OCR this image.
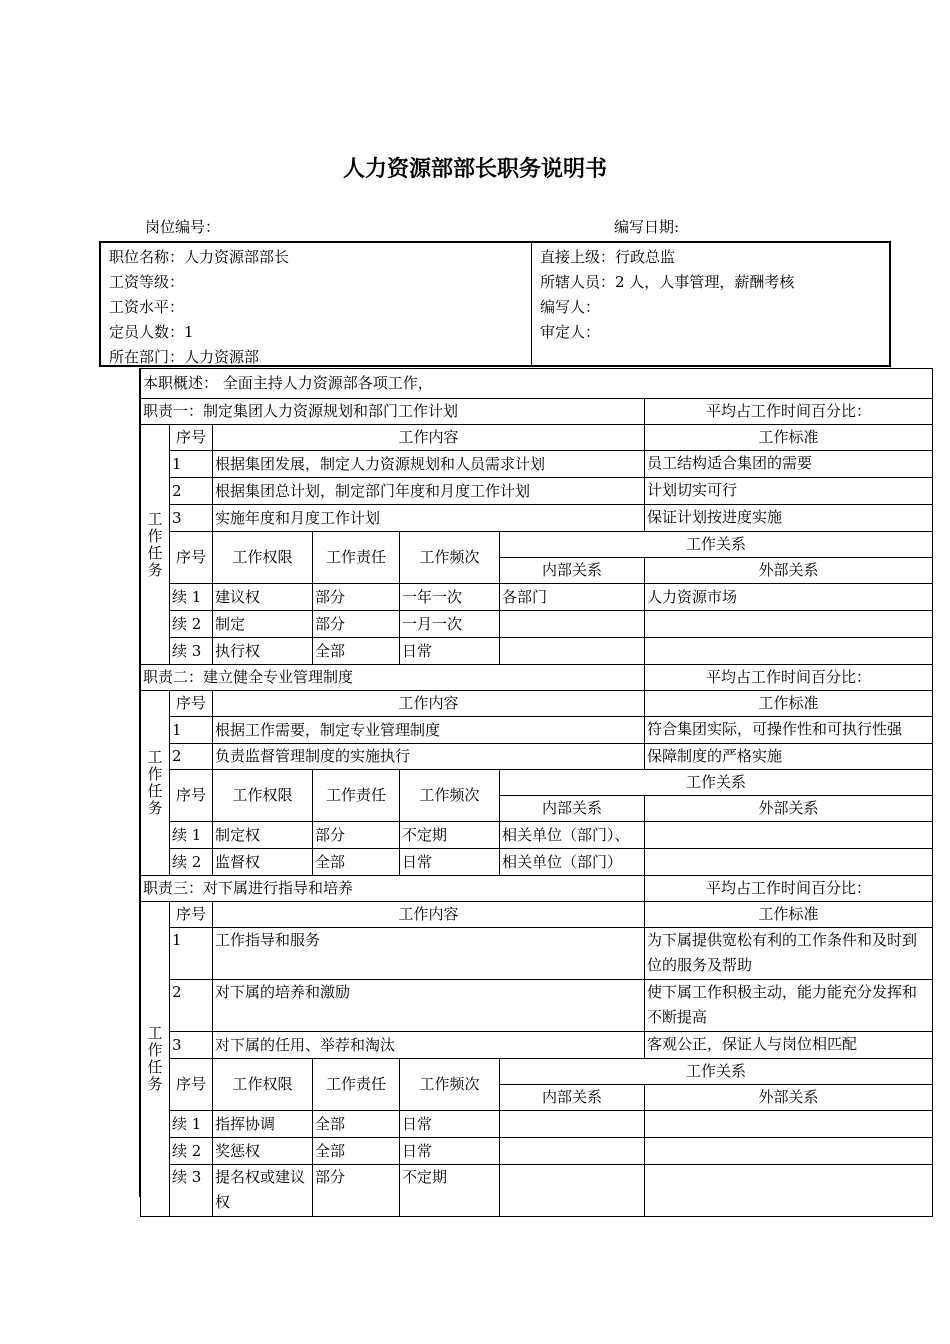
人力资源部部长职务说明书
岗位编号：	编写日期:
职位名称：人力资源部部长
工资等级：
工资水平：
定员人数：1
所在部门：人力资源部
直接上级：行政总监
所辖人员：2 人，人事管理，薪酬考核
编写人：
审定人：
本职概述： 全面主持人力资源部各项工作，						
职责一：制定集团人力资源规划和部门工作计划						平均占工作时间百分比：
工作任务	序号	工作内容				工作标准
	1	根据集团发展，制定人力资源规划和人员需求计划				员工结构适合集团的需要
	2	根据集团总计划，制定部门年度和月度工作计划				计划切实可行
	3	实施年度和月度工作计划				保证计划按进度实施
	序号	工作权限	工作责任	工作频次	工作关系	
					内部关系	外部关系
	续 1	建议权	部分	一年一次	各部门	人力资源市场
	续 2	制定	部分	一月一次		
	续 3	执行权	全部	日常		
职责二：建立健全专业管理制度						平均占工作时间百分比：
工作任务	序号	工作内容				工作标准
	1	根据工作需要，制定专业管理制度				符合集团实际，可操作性和可执行性强
	2	负责监督管理制度的实施执行				保障制度的严格实施
	序号	工作权限	工作责任	工作频次	工作关系	
					内部关系	外部关系
	续 1	制定权	部分	不定期	相关单位（部门）、	
	续 2	监督权	全部	日常	相关单位（部门）	
职责三：对下属进行指导和培养						平均占工作时间百分比：
工作任务	序号	工作内容				工作标准
	1	工作指导和服务				为下属提供宽松有利的工作条件和及时到位的服务及帮助
	2	对下属的培养和激励				使下属工作积极主动，能力能充分发挥和不断提高
	3	对下属的任用、举荐和淘汰				客观公正，保证人与岗位相匹配
	序号	工作权限	工作责任	工作频次	工作关系	
					内部关系	外部关系
	续 1	指挥协调	全部	日常		
	续 2	奖惩权	全部	日常		
	续 3	提名权或建议权	部分	不定期		
